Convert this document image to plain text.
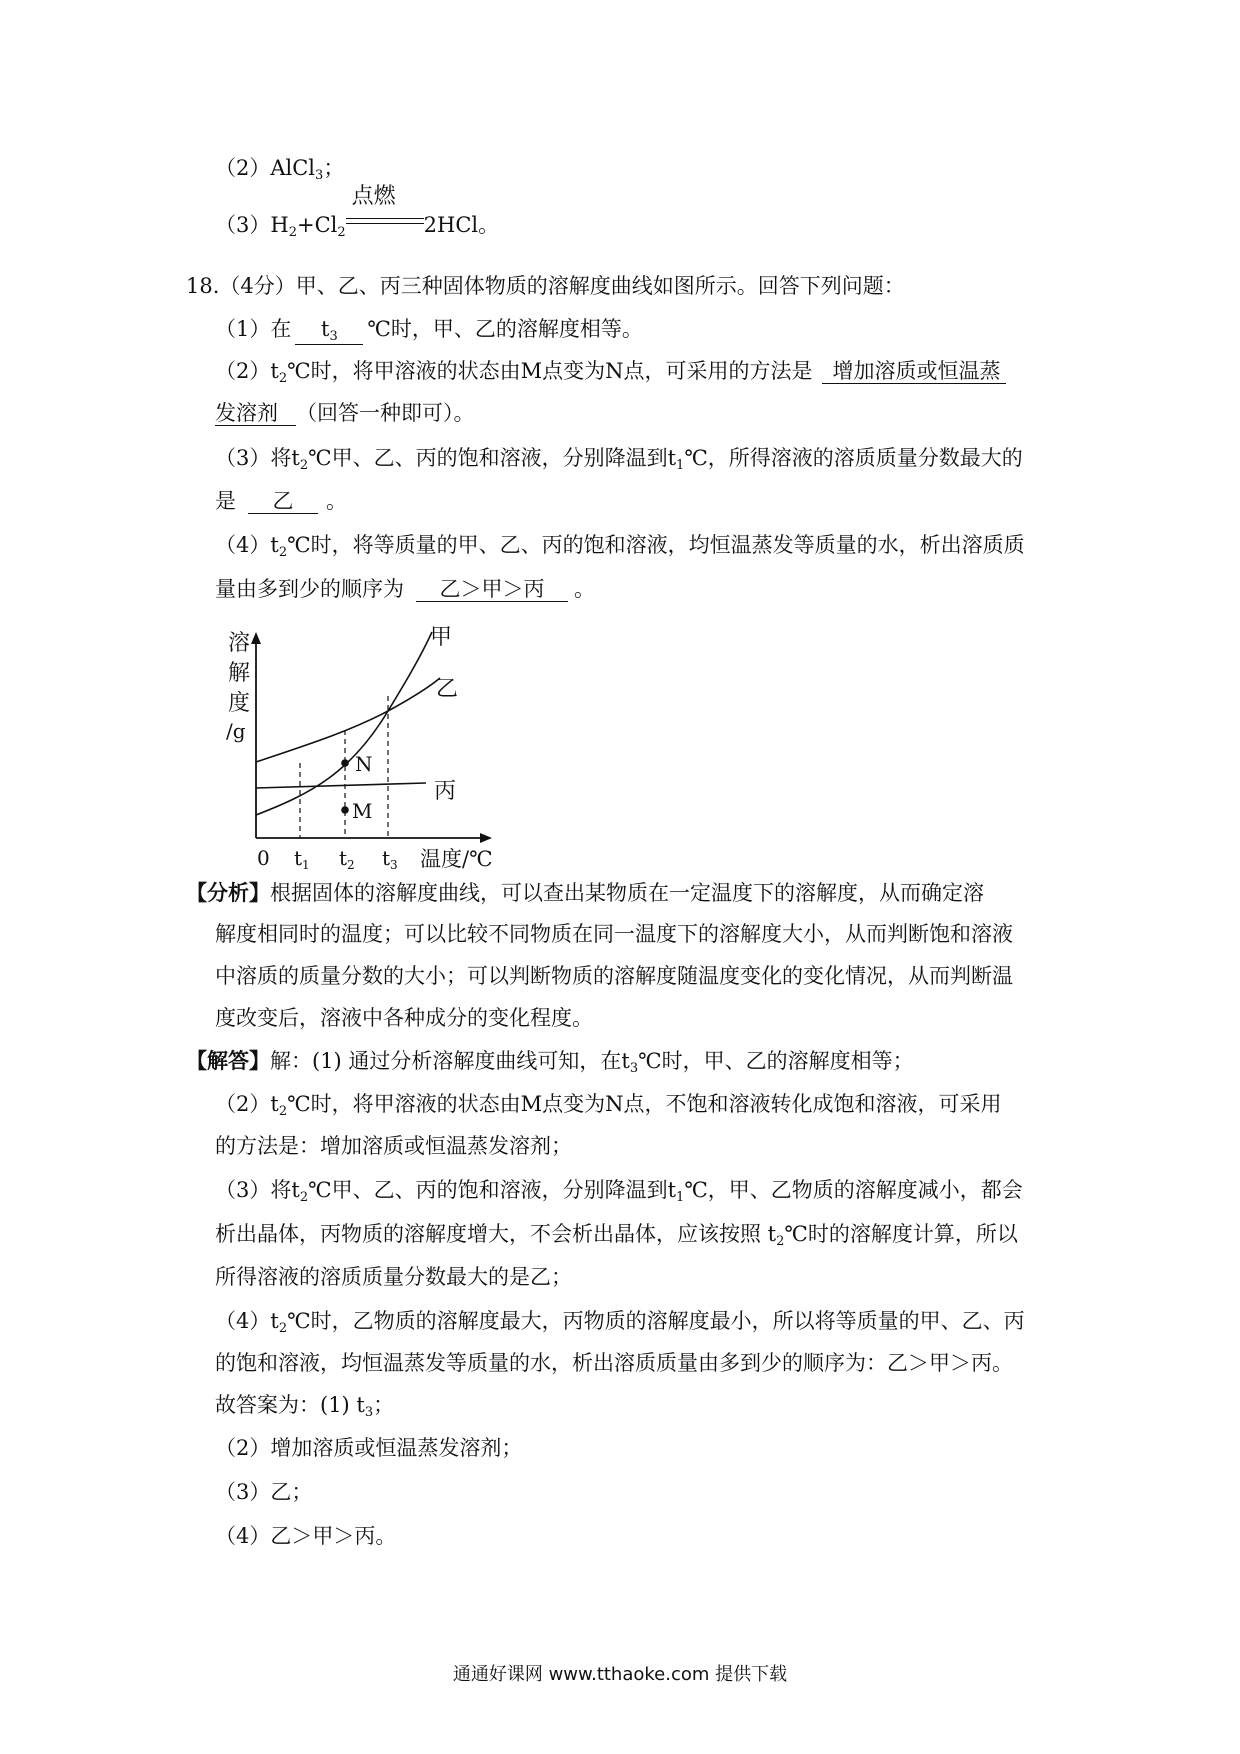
（2）AlCl$_3$；
$(3)H_2+Cl_2$
点燃
2HCl。
18.（4分）甲、乙、丙三种固体物质的溶解度曲线如图所示。回答下列问题：
（1）在 $t_3$ ℃时，甲、乙的溶解度相等。
$(2)t_2℃$时，将甲溶液的状态由M点变为N点，可采用的方法是 增加溶质或恒温蒸
发溶剂 （回答一种即可）。
（3）将$t_2℃$甲、乙、丙的饱和溶液，分别降温到$t_1℃$，所得溶液的溶质质量分数最大的
是 乙 。
$(4)t_2℃$时，将等质量的甲、乙、丙的饱和溶液，均恒温蒸发等质量的水，析出溶质质
量由多到少的顺序为 乙＞甲＞丙 。
溶
解
度
/g
甲
乙
丙
N
M
0 $t_1$ $t_2$ $t_3$ 温度/℃
【分析】根据固体的溶解度曲线，可以查出某物质在一定温度下的溶解度，从而确定溶
解度相同时的温度；可以比较不同物质在同一温度下的溶解度大小，从而判断饱和溶液
中溶质的质量分数的大小；可以判断物质的溶解度随温度变化的变化情况，从而判断温
度改变后，溶液中各种成分的变化程度。
【解答】解：(1) 通过分析溶解度曲线可知，在$t_3℃$时，甲、乙的溶解度相等；
$(2)t_2℃$时，将甲溶液的状态由M点变为N点，不饱和溶液转化成饱和溶液，可采用
的方法是：增加溶质或恒温蒸发溶剂；
（3）将$t_2℃$甲、乙、丙的饱和溶液，分别降温到$t_1℃$，甲、乙物质的溶解度减小，都会
析出晶体，丙物质的溶解度增大，不会析出晶体，应该按照 $t_2℃$时的溶解度计算，所以
所得溶液的溶质质量分数最大的是乙；
$(4)t_2℃$时，乙物质的溶解度最大，丙物质的溶解度最小，所以将等质量的甲、乙、丙
的饱和溶液，均恒温蒸发等质量的水，析出溶质质量由多到少的顺序为：乙＞甲＞丙。
故答案为：(1) $t_3$；
（2）增加溶质或恒温蒸发溶剂；
（3）乙；
（4）乙＞甲＞丙。
通通好课网 www.tthaoke.com 提供下载
